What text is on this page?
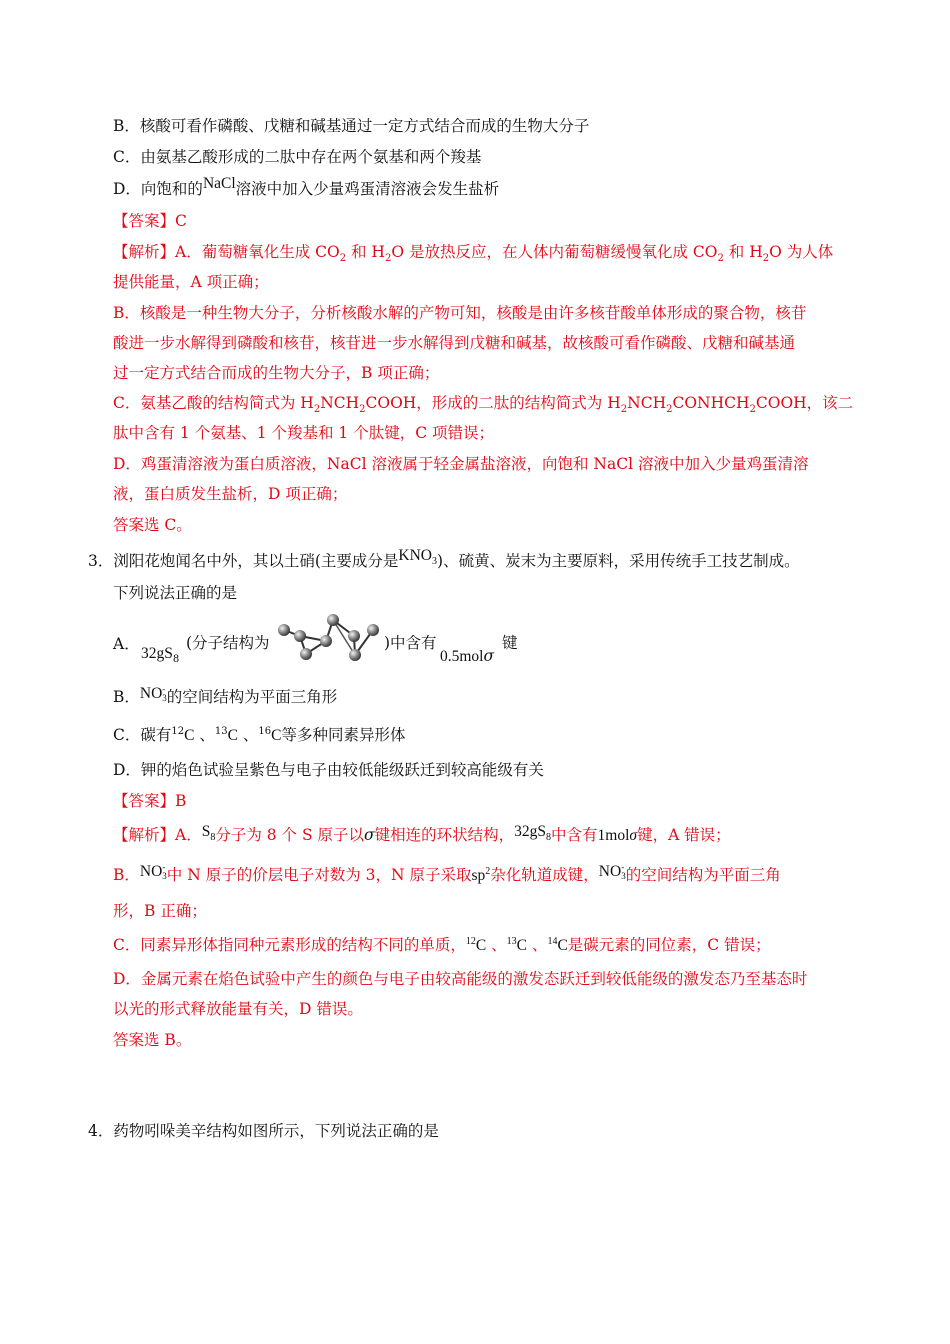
B．核酸可看作磷酸、戊糖和碱基通过一定方式结合而成的生物大分子
C．由氨基乙酸形成的二肽中存在两个氨基和两个羧基
D．向饱和的NaCl溶液中加入少量鸡蛋清溶液会发生盐析
【答案】C
【解析】A．葡萄糖氧化生成 $CO_2$ 和 $H_2O$ 是放热反应，在人体内葡萄糖缓慢氧化成 $CO_2$ 和 $H_2O$ 为人体
提供能量，A 项正确；
B．核酸是一种生物大分子，分析核酸水解的产物可知，核酸是由许多核苷酸单体形成的聚合物，核苷
酸进一步水解得到磷酸和核苷，核苷进一步水解得到戊糖和碱基，故核酸可看作磷酸、戊糖和碱基通
过一定方式结合而成的生物大分子，B 项正确；
C．氨基乙酸的结构简式为 $H_2NCH_2COOH$，形成的二肽的结构简式为 $H_2NCH_2CONHCH_2COOH$，该二
肽中含有 1 个氨基、1 个羧基和 1 个肽键，C 项错误；
D．鸡蛋清溶液为蛋白质溶液，NaCl 溶液属于轻金属盐溶液，向饱和 NaCl 溶液中加入少量鸡蛋清溶
液，蛋白质发生盐析，D 项正确；
答案选 C。
3．浏阳花炮闻名中外，其以土硝(主要成分是$KNO_3$)、硫黄、炭末为主要原料，采用传统手工技艺制成。
下列说法正确的是
A．
$32gS_8$
(分子结构为	)中含有
0.5molσ
键
B．NO -
3 的空间结构为平面三角形
C．碳有$^{12}$C 、$^{13}$C 、$^{16}$C等多种同素异形体
D．钾的焰色试验呈紫色与电子由较低能级跃迁到较高能级有关
【答案】B
【解析】A．$S_8$分子为 8 个 S 原子以σ键相连的环状结构，$32gS_8$中含有1molσ键，A 错误；
B．NO -
3 中 N 原子的价层电子对数为 3，N 原子采取$sp^2$杂化轨道成键，NO -
3 的空间结构为平面三角
形，B 正确；
C．同素异形体指同种元素形成的结构不同的单质，$^{12}$C 、$^{13}$C 、$^{14}$C是碳元素的同位素，C 错误；
D．金属元素在焰色试验中产生的颜色与电子由较高能级的激发态跃迁到较低能级的激发态乃至基态时
以光的形式释放能量有关，D 错误。
答案选 B。
4．药物吲哚美辛结构如图所示，下列说法正确的是
